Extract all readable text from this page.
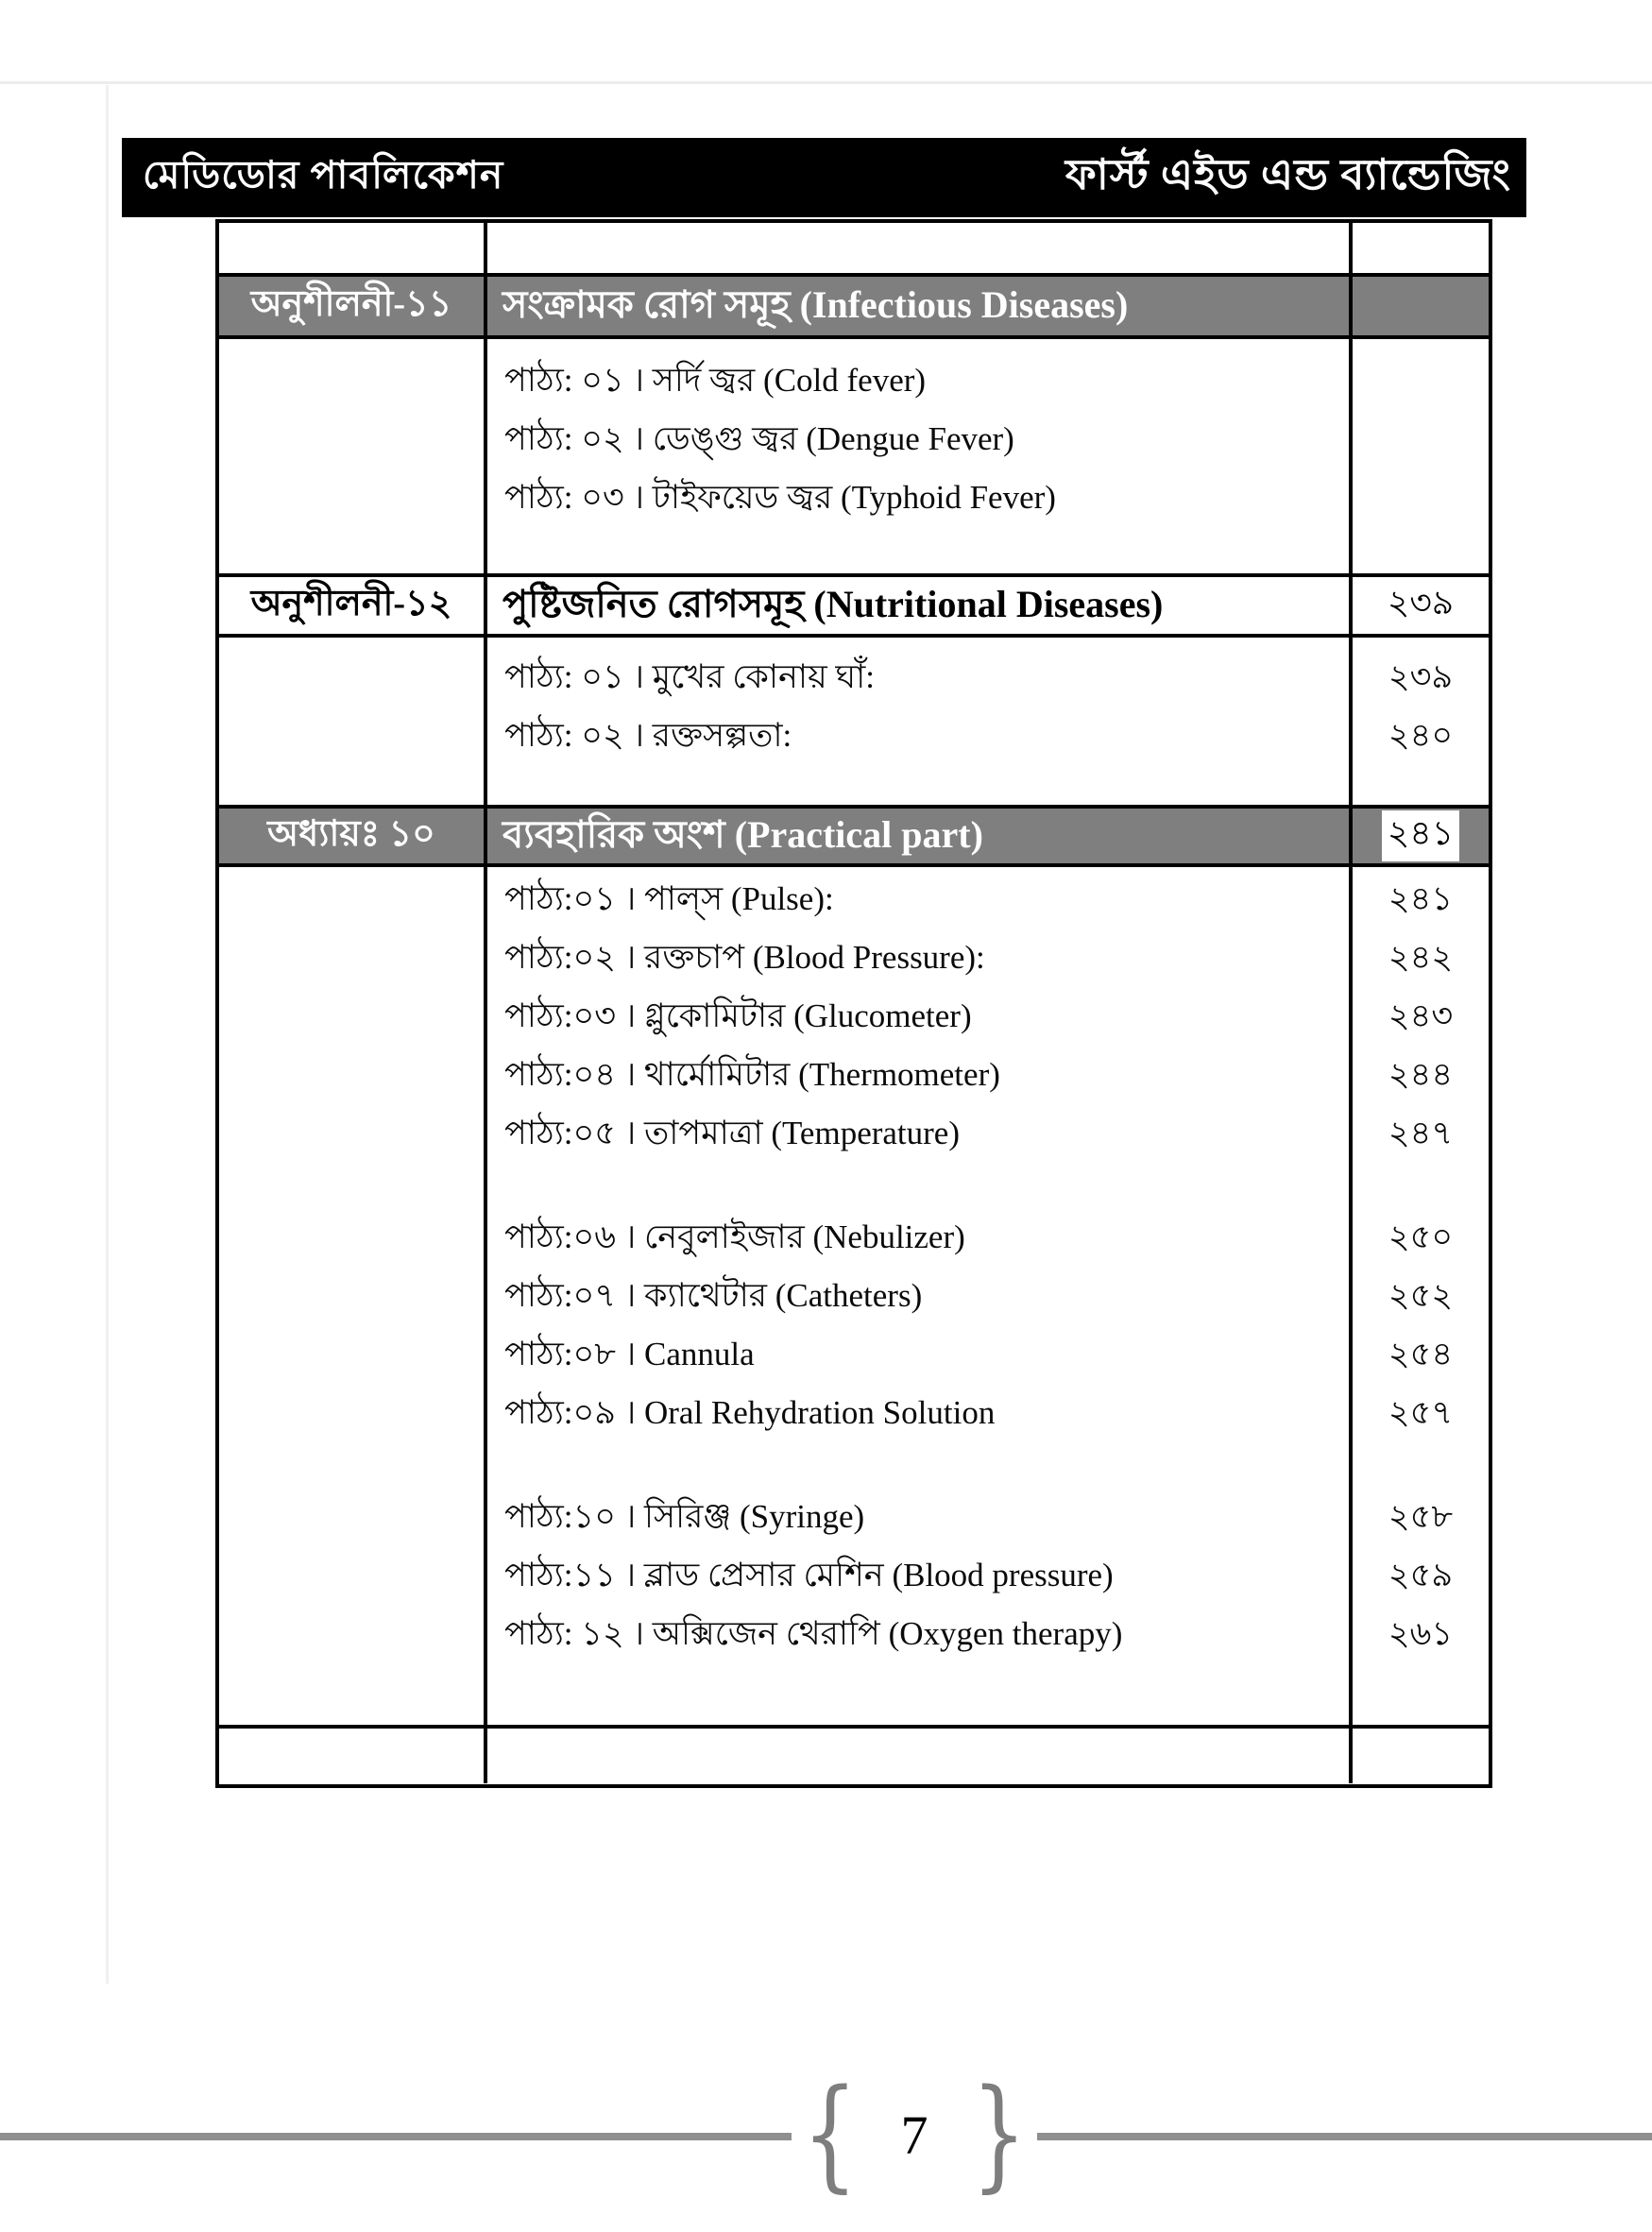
মেডিডোর পাবলিকেশন	ফার্স্ট এইড এন্ড ব্যান্ডেজিং
অনুশীলনী-১১ সংক্রামক রোগ সমূহ (Infectious Diseases)
পাঠ্য: ০১ । সর্দি জ্বর (Cold fever)
পাঠ্য: ০২ । ডেঙ্গু জ্বর (Dengue Fever)
পাঠ্য: ০৩ । টাইফয়েড জ্বর (Typhoid Fever)
অনুশীলনী-১২ পুষ্টিজনিত রোগসমূহ (Nutritional Diseases)	২৩৯
পাঠ্য: ০১ । মুখের কোনায় ঘাঁ:	২৩৯
পাঠ্য: ০২ । রক্তসল্পতা:	২৪০
অধ্যায়ঃ ১০ ব্যবহারিক অংশ (Practical part)	২৪১
পাঠ্য:০১ । পাল্‌স (Pulse):	২৪১
পাঠ্য:০২ । রক্তচাপ (Blood Pressure):	২৪২
পাঠ্য:০৩ । গ্লুকোমিটার (Glucometer)	২৪৩
পাঠ্য:০৪ । থার্মোমিটার (Thermometer)	২৪৪
পাঠ্য:০৫ । তাপমাত্রা (Temperature)	২৪৭
পাঠ্য:০৬ । নেবুলাইজার (Nebulizer)	২৫০
পাঠ্য:০৭ । ক্যাথেটার (Catheters)	২৫২
পাঠ্য:০৮ । Cannula	২৫৪
পাঠ্য:০৯ । Oral Rehydration Solution	২৫৭
পাঠ্য:১০ । সিরিঞ্জ (Syringe)	২৫৮
পাঠ্য:১১ । ব্লাড প্রেসার মেশিন (Blood pressure)	২৫৯
পাঠ্য: ১২ । অক্সিজেন থেরাপি (Oxygen therapy)	২৬১
{ 7 }
